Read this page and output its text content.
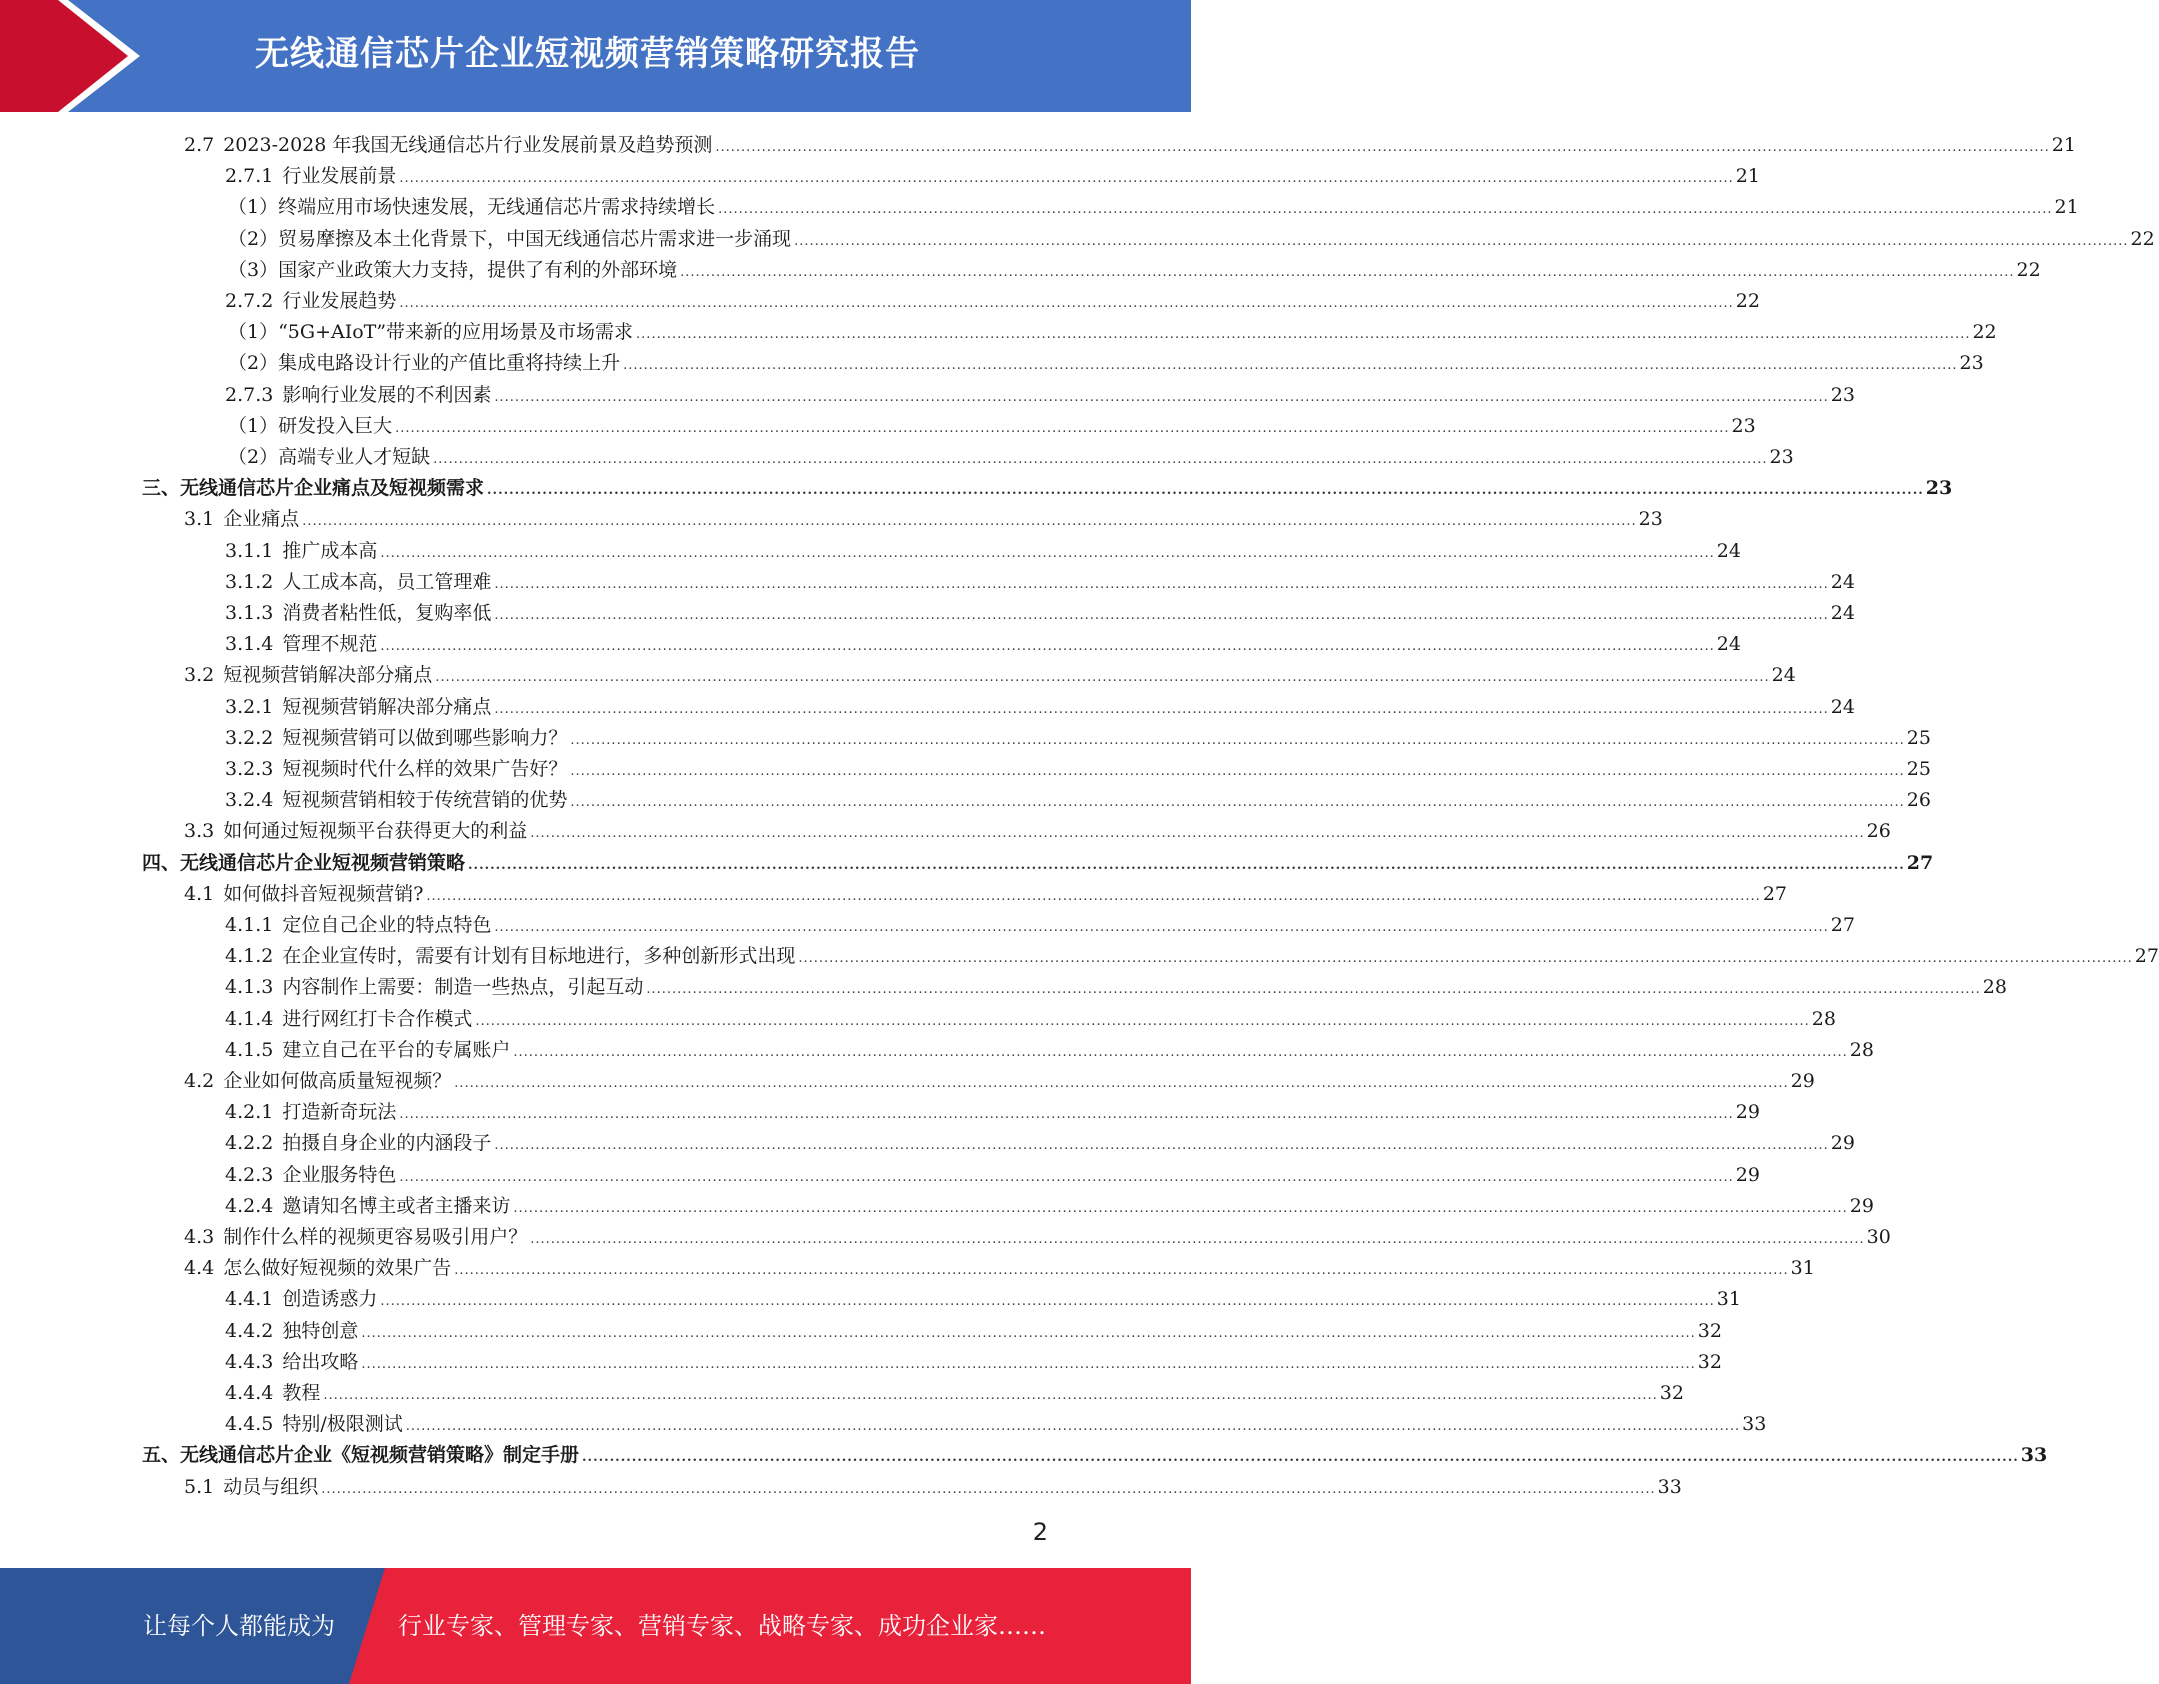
无线通信芯片企业短视频营销策略研究报告
2.7 2023-2028 年我国无线通信芯片行业发展前景及趋势预测 .................................................................................................................................................................................................................................................................... 21
2.7.1 行业发展前景 .................................................................................................................................................................................................................................................................... 21
（1） 终端应用市场快速发展，无线通信芯片需求持续增长 .................................................................................................................................................................................................................................................................... 21
（2） 贸易摩擦及本土化背景下，中国无线通信芯片需求进一步涌现 .................................................................................................................................................................................................................................................................... 22
（3） 国家产业政策大力支持，提供了有利的外部环境 .................................................................................................................................................................................................................................................................... 22
2.7.2 行业发展趋势 .................................................................................................................................................................................................................................................................... 22
（1） “5G+AIoT”带来新的应用场景及市场需求 .................................................................................................................................................................................................................................................................... 22
（2） 集成电路设计行业的产值比重将持续上升 .................................................................................................................................................................................................................................................................... 23
2.7.3 影响行业发展的不利因素 .................................................................................................................................................................................................................................................................... 23
（1） 研发投入巨大 .................................................................................................................................................................................................................................................................... 23
（2） 高端专业人才短缺 .................................................................................................................................................................................................................................................................... 23
三、 无线通信芯片企业痛点及短视频需求 .................................................................................................................................................................................................................................................................... 23
3.1 企业痛点 .................................................................................................................................................................................................................................................................... 23
3.1.1 推广成本高 .................................................................................................................................................................................................................................................................... 24
3.1.2 人工成本高，员工管理难 .................................................................................................................................................................................................................................................................... 24
3.1.3 消费者粘性低，复购率低 .................................................................................................................................................................................................................................................................... 24
3.1.4 管理不规范 .................................................................................................................................................................................................................................................................... 24
3.2 短视频营销解决部分痛点 .................................................................................................................................................................................................................................................................... 24
3.2.1 短视频营销解决部分痛点 .................................................................................................................................................................................................................................................................... 24
3.2.2 短视频营销可以做到哪些影响力？ .................................................................................................................................................................................................................................................................... 25
3.2.3 短视频时代什么样的效果广告好？ .................................................................................................................................................................................................................................................................... 25
3.2.4 短视频营销相较于传统营销的优势 .................................................................................................................................................................................................................................................................... 26
3.3 如何通过短视频平台获得更大的利益 .................................................................................................................................................................................................................................................................... 26
四、 无线通信芯片企业短视频营销策略 .................................................................................................................................................................................................................................................................... 27
4.1 如何做抖音短视频营销? .................................................................................................................................................................................................................................................................... 27
4.1.1 定位自己企业的特点特色 .................................................................................................................................................................................................................................................................... 27
4.1.2 在企业宣传时，需要有计划有目标地进行，多种创新形式出现 .................................................................................................................................................................................................................................................................... 27
4.1.3 内容制作上需要：制造一些热点，引起互动 .................................................................................................................................................................................................................................................................... 28
4.1.4 进行网红打卡合作模式 .................................................................................................................................................................................................................................................................... 28
4.1.5 建立自己在平台的专属账户 .................................................................................................................................................................................................................................................................... 28
4.2 企业如何做高质量短视频？ .................................................................................................................................................................................................................................................................... 29
4.2.1 打造新奇玩法 .................................................................................................................................................................................................................................................................... 29
4.2.2 拍摄自身企业的内涵段子 .................................................................................................................................................................................................................................................................... 29
4.2.3 企业服务特色 .................................................................................................................................................................................................................................................................... 29
4.2.4 邀请知名博主或者主播来访 .................................................................................................................................................................................................................................................................... 29
4.3 制作什么样的视频更容易吸引用户？ .................................................................................................................................................................................................................................................................... 30
4.4 怎么做好短视频的效果广告 .................................................................................................................................................................................................................................................................... 31
4.4.1 创造诱惑力 .................................................................................................................................................................................................................................................................... 31
4.4.2 独特创意 .................................................................................................................................................................................................................................................................... 32
4.4.3 给出攻略 .................................................................................................................................................................................................................................................................... 32
4.4.4 教程 .................................................................................................................................................................................................................................................................... 32
4.4.5 特别/极限测试 .................................................................................................................................................................................................................................................................... 33
五、 无线通信芯片企业《短视频营销策略》制定手册 .................................................................................................................................................................................................................................................................... 33
5.1 动员与组织 .................................................................................................................................................................................................................................................................... 33
2
让每个人都能成为	行业专家、管理专家、营销专家、战略专家、成功企业家……
